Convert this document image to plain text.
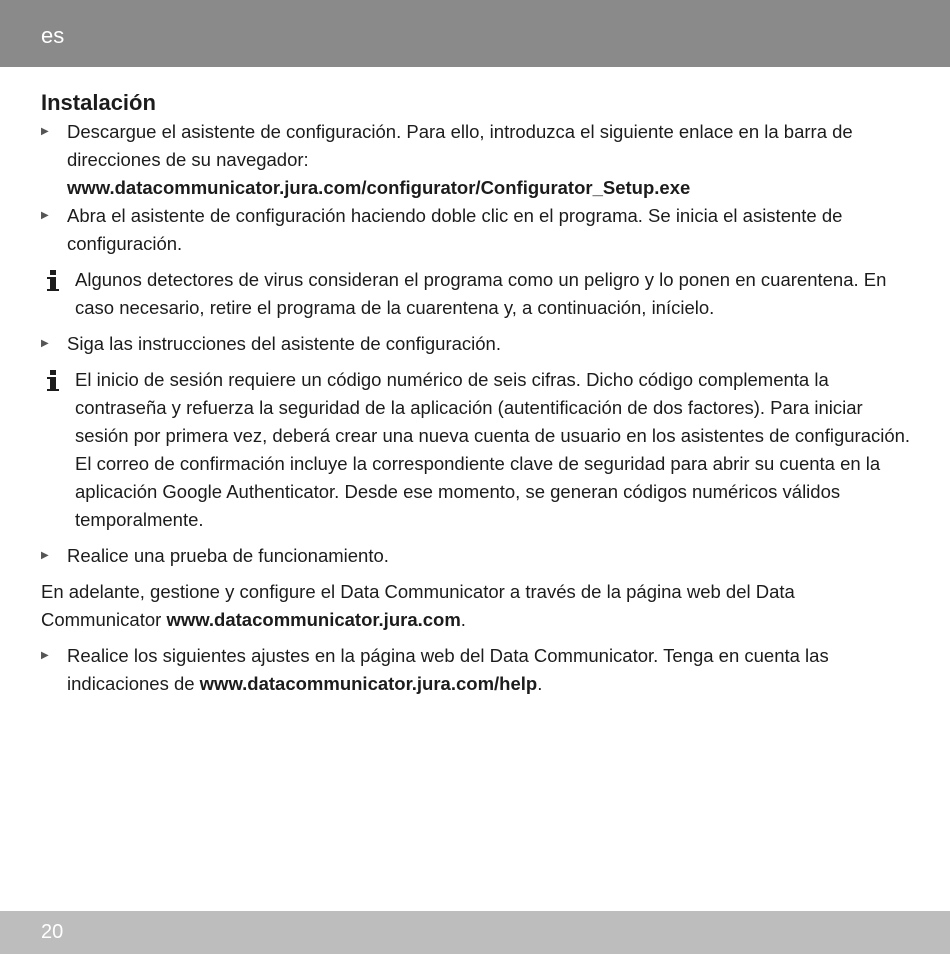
es
Instalación
▶ Descargue el asistente de configuración. Para ello, introduzca el siguiente enlace en la barra de direcciones de su navegador:
www.datacommunicator.jura.com/configurator/Configurator_Setup.exe
▶ Abra el asistente de configuración haciendo doble clic en el programa. Se inicia el asistente de configuración.
Algunos detectores de virus consideran el programa como un peligro y lo ponen en cuarentena. En caso necesario, retire el programa de la cuarentena y, a continuación, inícielo.
▶ Siga las instrucciones del asistente de configuración.
El inicio de sesión requiere un código numérico de seis cifras. Dicho código complementa la contraseña y refuerza la seguridad de la aplicación (autentificación de dos factores). Para iniciar sesión por primera vez, deberá crear una nueva cuenta de usuario en los asistentes de configuración. El correo de confirmación incluye la correspondiente clave de seguridad para abrir su cuenta en la aplicación Google Authenticator. Desde ese momento, se generan códigos numéricos válidos temporalmente.
▶ Realice una prueba de funcionamiento.
En adelante, gestione y configure el Data Communicator a través de la página web del Data Communicator www.datacommunicator.jura.com.
▶ Realice los siguientes ajustes en la página web del Data Communicator. Tenga en cuenta las indicaciones de www.datacommunicator.jura.com/help.
20
